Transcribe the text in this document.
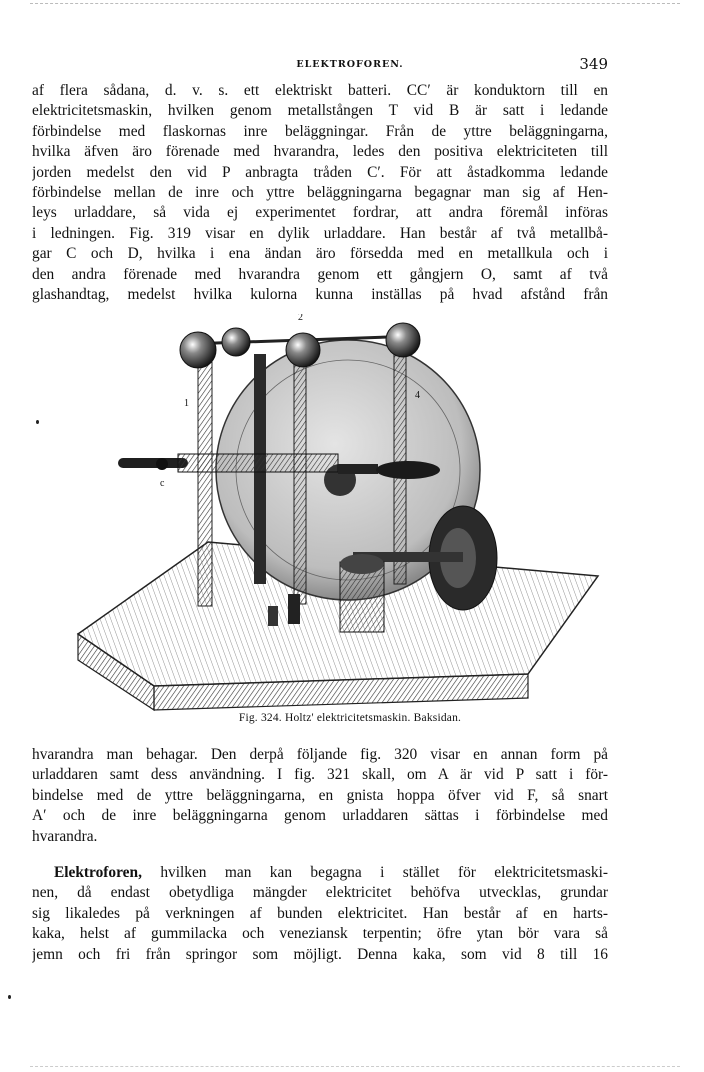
ELEKTROFOREN.	349
af flera sådana, d. v. s. ett elektriskt batteri. CC′ är konduktorn till en
elektricitetsmaskin, hvilken genom metallstången T vid B är satt i ledande
förbindelse med flaskornas inre beläggningar. Från de yttre beläggningarna,
hvilka äfven äro förenade med hvarandra, ledes den positiva elektriciteten till
jorden medelst den vid P anbragta tråden C′. För att åstadkomma ledande
förbindelse mellan de inre och yttre beläggningarna begagnar man sig af Hen-
leys urladdare, så vida ej experimentet fordrar, att andra föremål införas
i ledningen. Fig. 319 visar en dylik urladdare. Han består af två metallbå-
gar C och D, hvilka i ena ändan äro försedda med en metallkula och i
den andra förenade med hvarandra genom ett gångjern O, samt af två
glashandtag, medelst hvilka kulorna kunna inställas på hvad afstånd från
2
1
4
c
Fig. 324. Holtz' elektricitetsmaskin. Baksidan.
hvarandra man behagar. Den derpå följande fig. 320 visar en annan form på
urladdaren samt dess användning. I fig. 321 skall, om A är vid P satt i för-
bindelse med de yttre beläggningarna, en gnista hoppa öfver vid F, så snart
A′ och de inre beläggningarna genom urladdaren sättas i förbindelse med
hvarandra.
Elektroforen, hvilken man kan begagna i stället för elektricitetsmaski-
nen, då endast obetydliga mängder elektricitet behöfva utvecklas, grundar
sig likaledes på verkningen af bunden elektricitet. Han består af en harts-
kaka, helst af gummilacka och veneziansk terpentin; öfre ytan bör vara så
jemn och fri från springor som möjligt. Denna kaka, som vid 8 till 16
